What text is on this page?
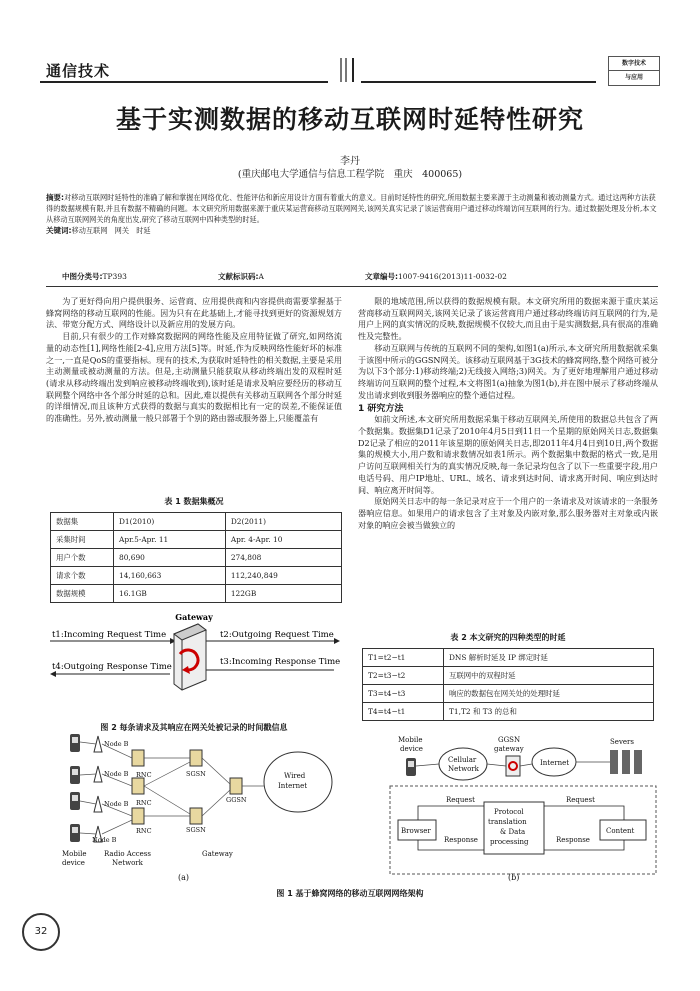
通信技术	数字技术
与应用
基于实测数据的移动互联网时延特性研究
李丹
(重庆邮电大学通信与信息工程学院　重庆　400065)
摘要:对移动互联网时延特性的准确了解和掌握在网络优化、性能评估和新应用设计方面有着重大的意义。目前时延特性的研究,所用数据主要来源于主动测量和被动测量方式。通过这两种方法获得的数据规模有限,并且有数据不精确的问题。本文研究所用数据来源于重庆某运营商移动互联网网关,该网关真实记录了该运营商用户通过移动终端访问互联网的行为。通过数据处理及分析,本文从移动互联网网关的角度出发,研究了移动互联网中四种类型的时延。
关键词:移动互联网　网关　时延
中图分类号:TP393	文献标识码:A	文章编号:1007-9416(2013)11-0032-02

为了更好得向用户提供服务、运营商、应用提供商和内容提供商需要掌握基于蜂窝网络的移动互联网的性能。因为只有在此基础上,才能寻找到更好的资源规划方法、带宽分配方式、网络设计以及新应用的发展方向。

目前,只有很少的工作对蜂窝数据网的网络性能及应用特征做了研究,如网络流量的动态性[1],网络性能[2-4],应用方法[5]等。时延,作为反映网络性能好坏的标准之一,一直是QoS的重要指标。现有的技术,为获取时延特性的相关数据,主要是采用主动测量或被动测量的方法。但是,主动测量只能获取从移动终端出发的双程时延(请求从移动终端出发到响应被移动终端收到),该时延是请求及响应要经历的移动互联网整个网络中各个部分时延的总和。因此,难以提供有关移动互联网各个部分时延的详细情况,而且该种方式获得的数据与真实的数据相比有一定的误差,不能保证值的准确性。另外,被动测量一般只部署于个别的路由器或服务器上,只能覆盖有

表 1 数据集概况
数据集	D1(2010)	D2(2011)
采集时间	Apr.5-Apr. 11	Apr. 4-Apr. 10
用户个数	80,690	274,808
请求个数	14,160,663	112,240,849
数据规模	16.1GB	122GB
Gateway
t1:Incoming Request Time	t2:Outgoing Request Time
t4:Outgoing Response Time	t3:Incoming Response Time
图 2 每条请求及其响应在网关处被记录的时间戳信息

限的地域范围,所以获得的数据规模有限。本文研究所用的数据来源于重庆某运营商移动互联网网关,该网关记录了该运营商用户通过移动终端访问互联网的行为,是用户上网的真实情况的反映,数据规模不仅较大,而且由于是实测数据,具有很高的准确性及完整性。

移动互联网与传统的互联网不同的架构,如图1(a)所示,本文研究所用数据就采集于该图中所示的GGSN网关。该移动互联网基于3G技术的蜂窝网络,整个网络可被分为以下3个部分:1)移动终端;2)无线接入网络;3)网关。为了更好地理解用户通过移动终端访问互联网的整个过程,本文将图1(a)抽象为图1(b),并在图中展示了移动终端从发出请求到收到服务器响应的整个通信过程。

1 研究方法

如前文所述,本文研究所用数据采集于移动互联网关,所使用的数据总共包含了两个数据集。数据集D1记录了2010年4月5日到11日一个星期的原始网关日志,数据集D2记录了相应的2011年该星期的原始网关日志,即2011年4月4日到10日,两个数据集的规模大小,用户数和请求数情况如表1所示。两个数据集中数据的格式一致,是用户访问互联网相关行为的真实情况反映,每一条记录均包含了以下一些重要字段,用户电话号码、用户IP地址、URL、域名、请求到达时间、请求离开时间、响应到达时间、响应离开时间等。

原始网关日志中的每一条记录对应于一个用户的一条请求及对该请求的一条服务器响应信息。如果用户的请求包含了主对象及内嵌对象,那么服务器对主对象或内嵌对象的响应会被当做独立的

表 2 本文研究的四种类型的时延
T1=t2−t1	DNS 解析时延及 IP 绑定时延
T2=t3−t2	互联网中的双程时延
T3=t4−t3	响应的数据包在网关处的处理时延
T4=t4−t1	T1,T2 和 T3 的总和
Node B
Node B
Node B
Node B
RNC
RNC
RNC
SGSN
SGSN
GGSN
Wired
Internet
Mobile
device
Radio Access
Network
Gateway
(a)
Mobile
device
Cellular
Network
GGSN
gateway
Internet
Severs
Browser
Protocol
translation
& Data
processing
Content
Request	Request
Response	Response
(b)
图 1 基于蜂窝网络的移动互联网网络架构
32
